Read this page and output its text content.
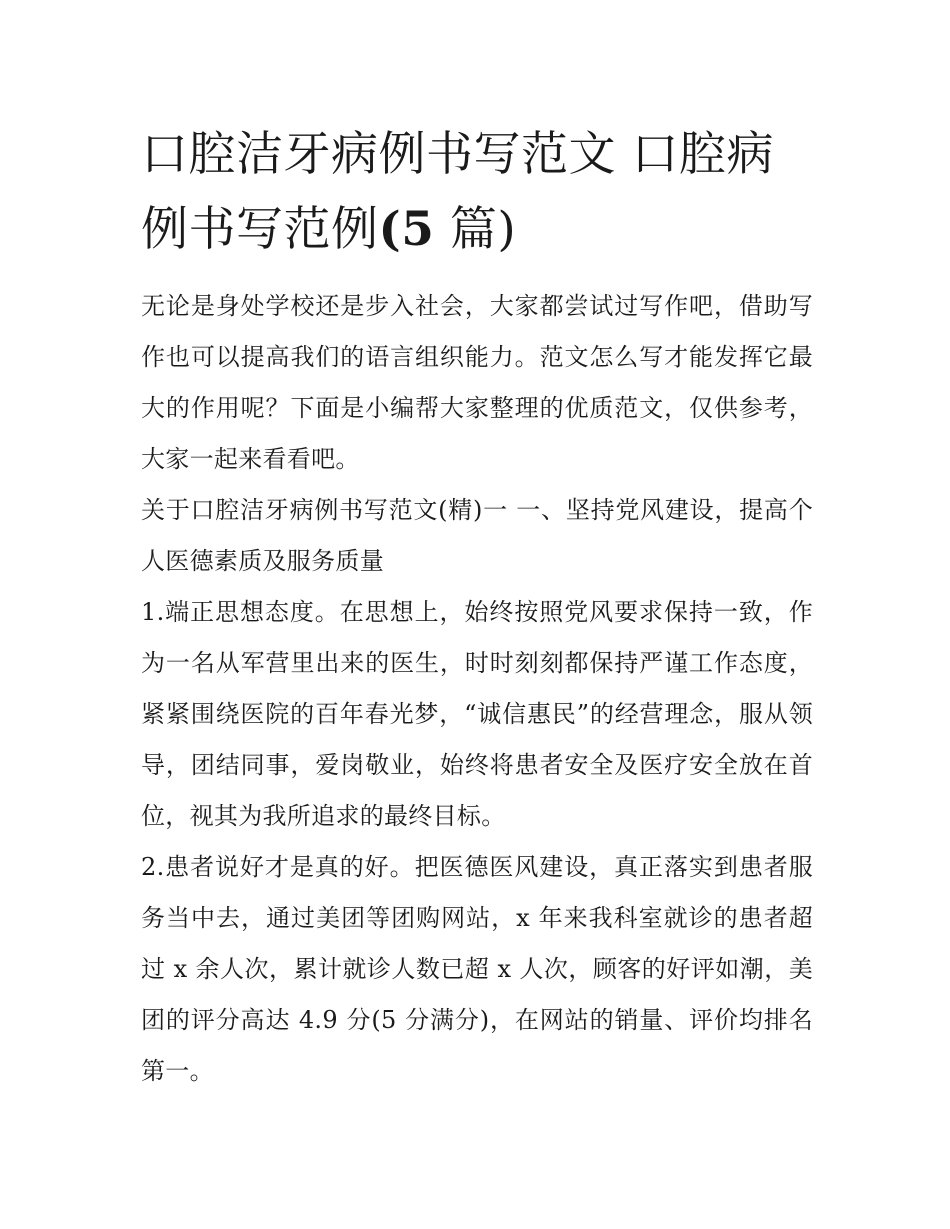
口腔洁牙病例书写范文 口腔病例书写范例(5 篇)

无论是身处学校还是步入社会，大家都尝试过写作吧，借助写作也可以提高我们的语言组织能力。范文怎么写才能发挥它最大的作用呢？下面是小编帮大家整理的优质范文，仅供参考，大家一起来看看吧。

关于口腔洁牙病例书写范文(精)一 一、坚持党风建设，提高个人医德素质及服务质量

1.端正思想态度。在思想上，始终按照党风要求保持一致，作为一名从军营里出来的医生，时时刻刻都保持严谨工作态度，紧紧围绕医院的百年春光梦，“诚信惠民”的经营理念，服从领导，团结同事，爱岗敬业，始终将患者安全及医疗安全放在首位，视其为我所追求的最终目标。

2.患者说好才是真的好。把医德医风建设，真正落实到患者服务当中去，通过美团等团购网站，x 年来我科室就诊的患者超过 x 余人次，累计就诊人数已超 x 人次，顾客的好评如潮，美团的评分高达 4.9 分(5 分满分)，在网站的销量、评价均排名第一。
